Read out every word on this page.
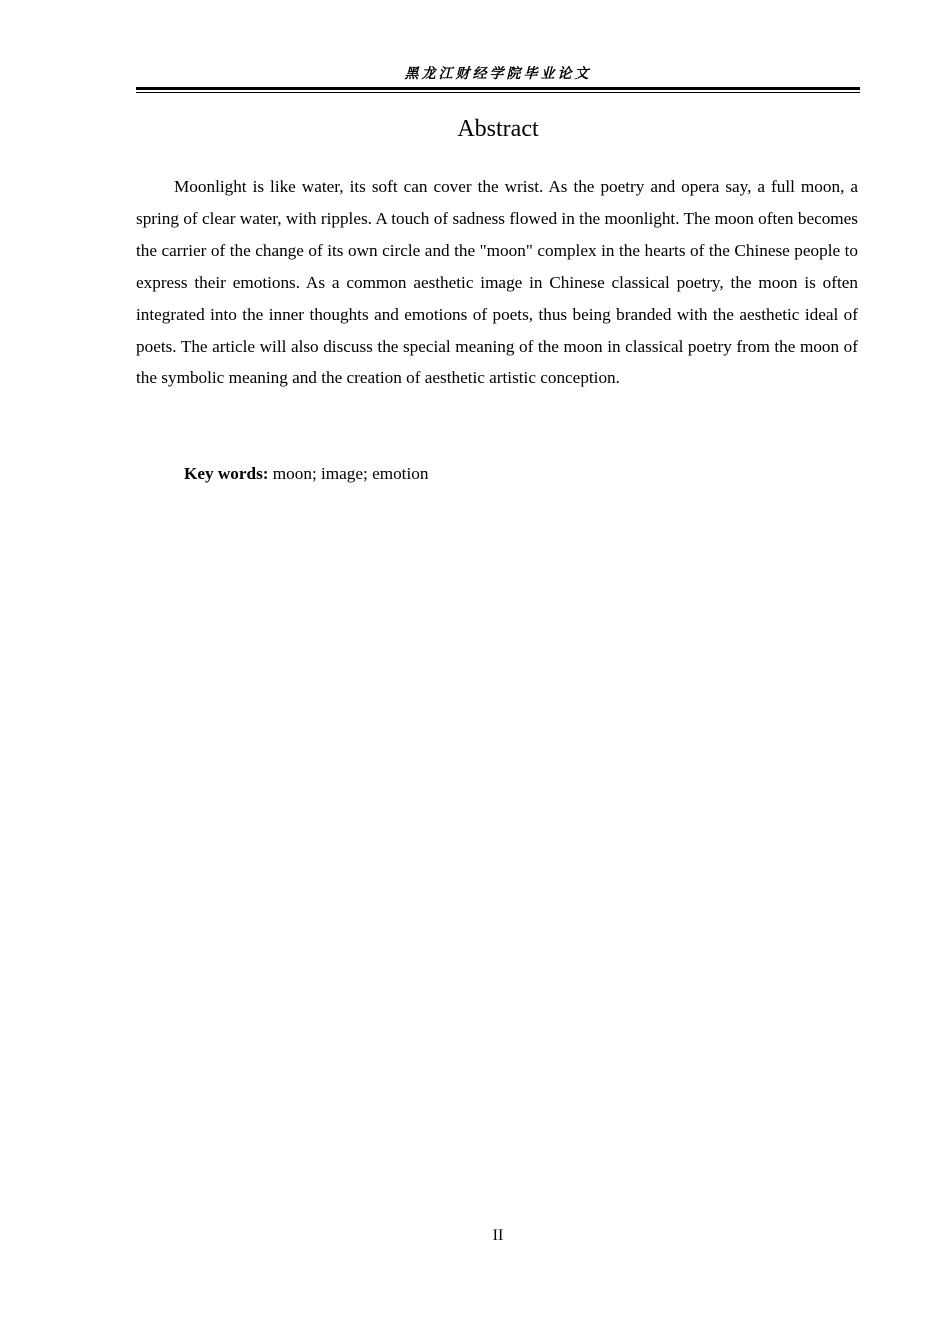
黑龙江财经学院毕业论文
Abstract

Moonlight is like water, its soft can cover the wrist. As the poetry and opera say, a full moon, a spring of clear water, with ripples. A touch of sadness flowed in the moonlight. The moon often becomes the carrier of the change of its own circle and the "moon" complex in the hearts of the Chinese people to express their emotions. As a common aesthetic image in Chinese classical poetry, the moon is often integrated into the inner thoughts and emotions of poets, thus being branded with the aesthetic ideal of poets. The article will also discuss the special meaning of the moon in classical poetry from the moon of the symbolic meaning and the creation of aesthetic artistic conception.

Key words: moon; image; emotion
II
